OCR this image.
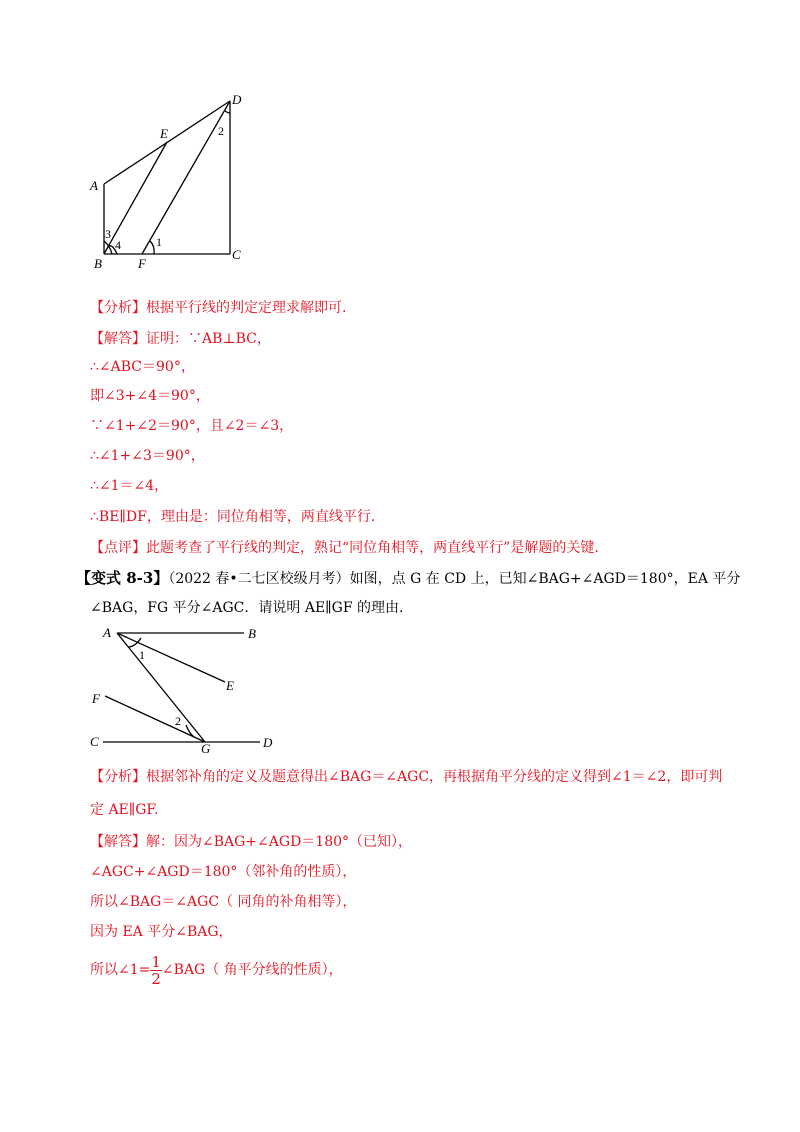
D
E
A
B	F
C
1
2
3
4
【分析】根据平行线的判定定理求解即可.
【解答】证明：∵AB⊥BC，
∴∠ABC＝90°，
即∠3+∠4＝90°，
∵∠1+∠2＝90°，且∠2＝∠3，
∴∠1+∠3＝90°，
∴∠1＝∠4，
∴BE∥DF，理由是：同位角相等，两直线平行.
【点评】此题考查了平行线的判定，熟记“同位角相等，两直线平行”是解题的关键.
【变式 8-3】（2022 春•二七区校级月考）如图，点 G 在 CD 上，已知∠BAG+∠AGD＝180°，EA 平分
∠BAG，FG 平分∠AGC．请说明 AE∥GF 的理由.
A	B
E
F
C	G	D
1
2
【分析】根据邻补角的定义及题意得出∠BAG＝∠AGC，再根据角平分线的定义得到∠1＝∠2，即可判
定 AE∥GF.
【解答】解：因为∠BAG+∠AGD＝180°（已知），
∠AGC+∠AGD＝180°（邻补角的性质），
所以∠BAG＝∠AGC（ 同角的补角相等），
因为 EA 平分∠BAG，
所以∠1= $\frac{1}{2}$ ∠BAG（ 角平分线的性质），
